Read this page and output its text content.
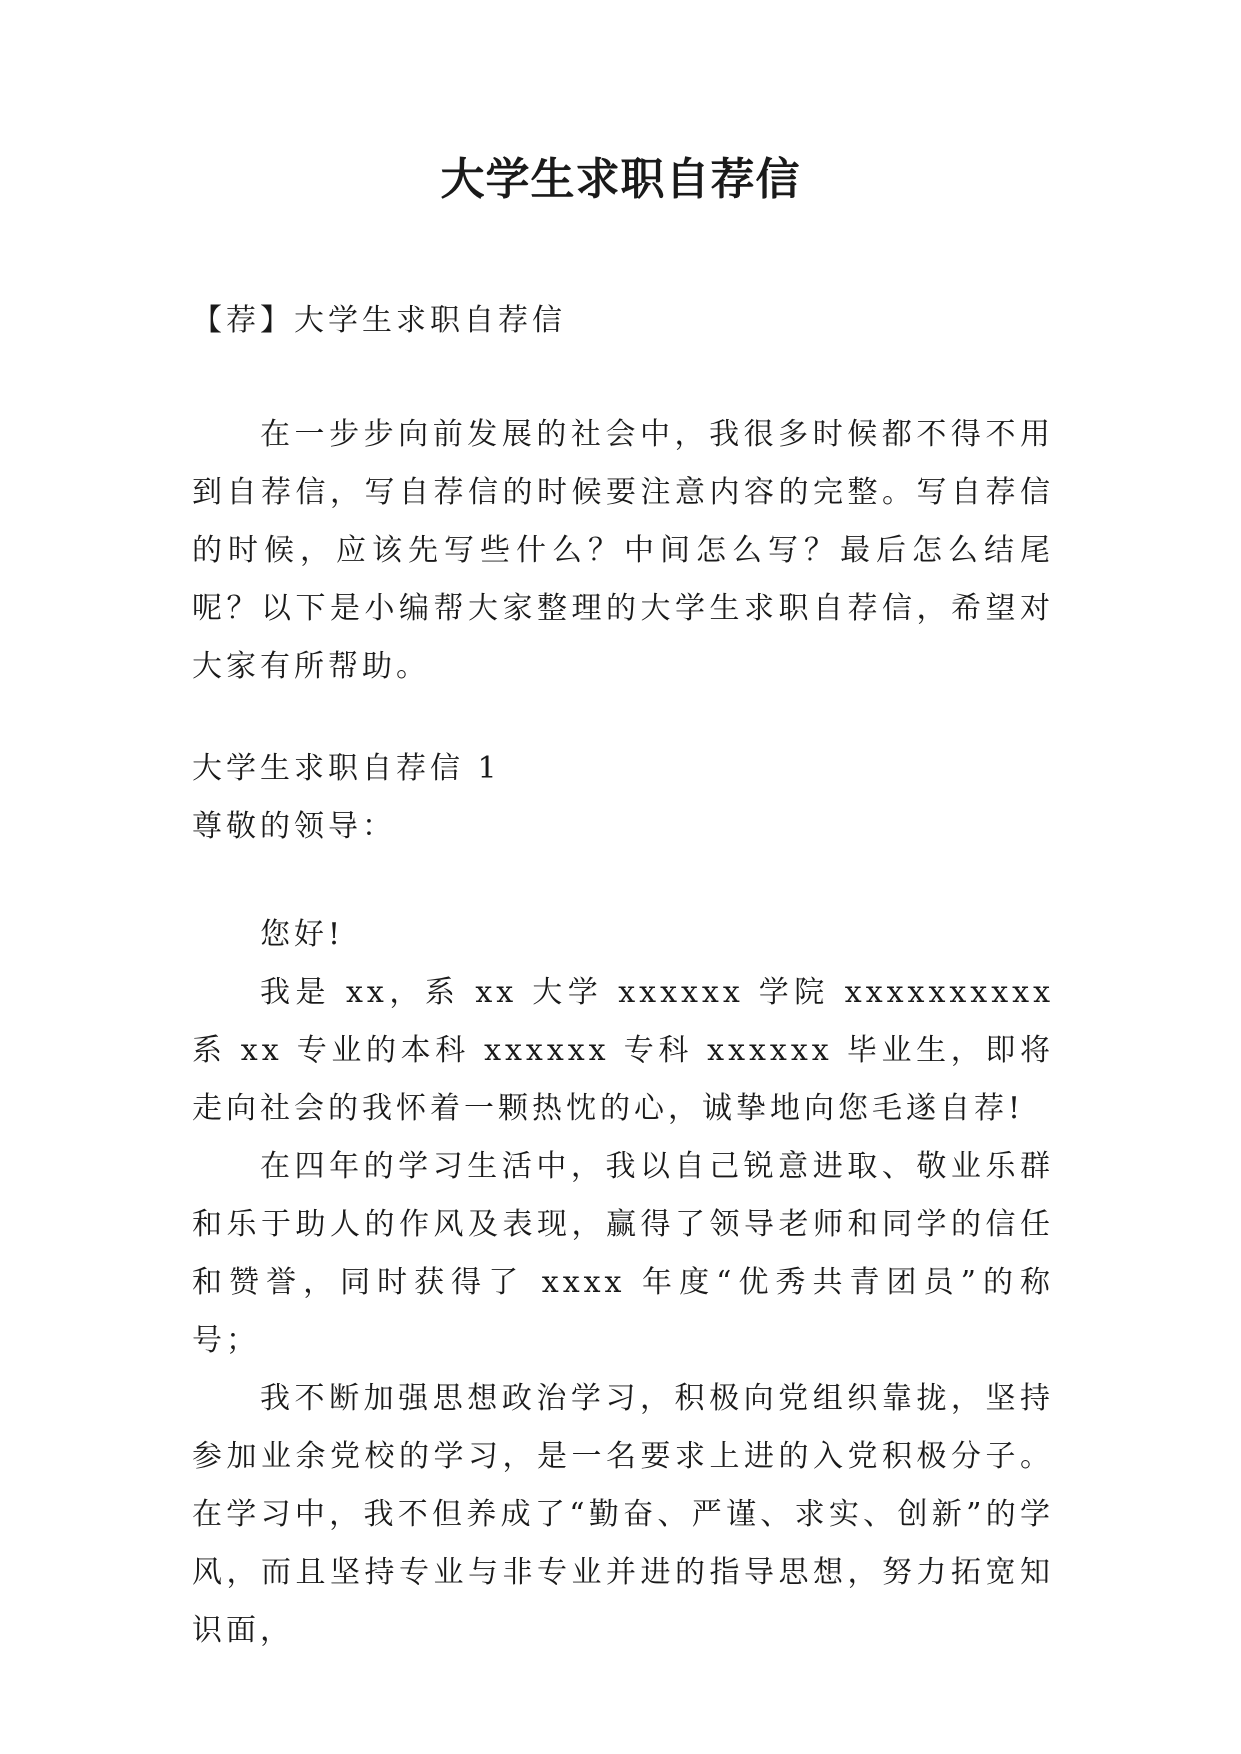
大学生求职自荐信

【荐】大学生求职自荐信

在一步步向前发展的社会中，我很多时候都不得不用到自荐信，写自荐信的时候要注意内容的完整。写自荐信的时候，应该先写些什么？中间怎么写？最后怎么结尾呢？以下是小编帮大家整理的大学生求职自荐信，希望对大家有所帮助。

大学生求职自荐信 1

尊敬的领导：

您好!

我是 xx，系 xx 大学 xxxxxx 学院 xxxxxxxxxx 系 xx 专业的本科 xxxxxx 专科 xxxxxx 毕业生，即将走向社会的我怀着一颗热忱的心，诚挚地向您毛遂自荐!

在四年的学习生活中，我以自己锐意进取、敬业乐群和乐于助人的作风及表现，赢得了领导老师和同学的信任和赞誉，同时获得了 xxxx 年度“优秀共青团员”的称号；

我不断加强思想政治学习，积极向党组织靠拢，坚持参加业余党校的学习，是一名要求上进的入党积极分子。在学习中，我不但养成了“勤奋、严谨、求实、创新”的学风，而且坚持专业与非专业并进的指导思想，努力拓宽知识面，
